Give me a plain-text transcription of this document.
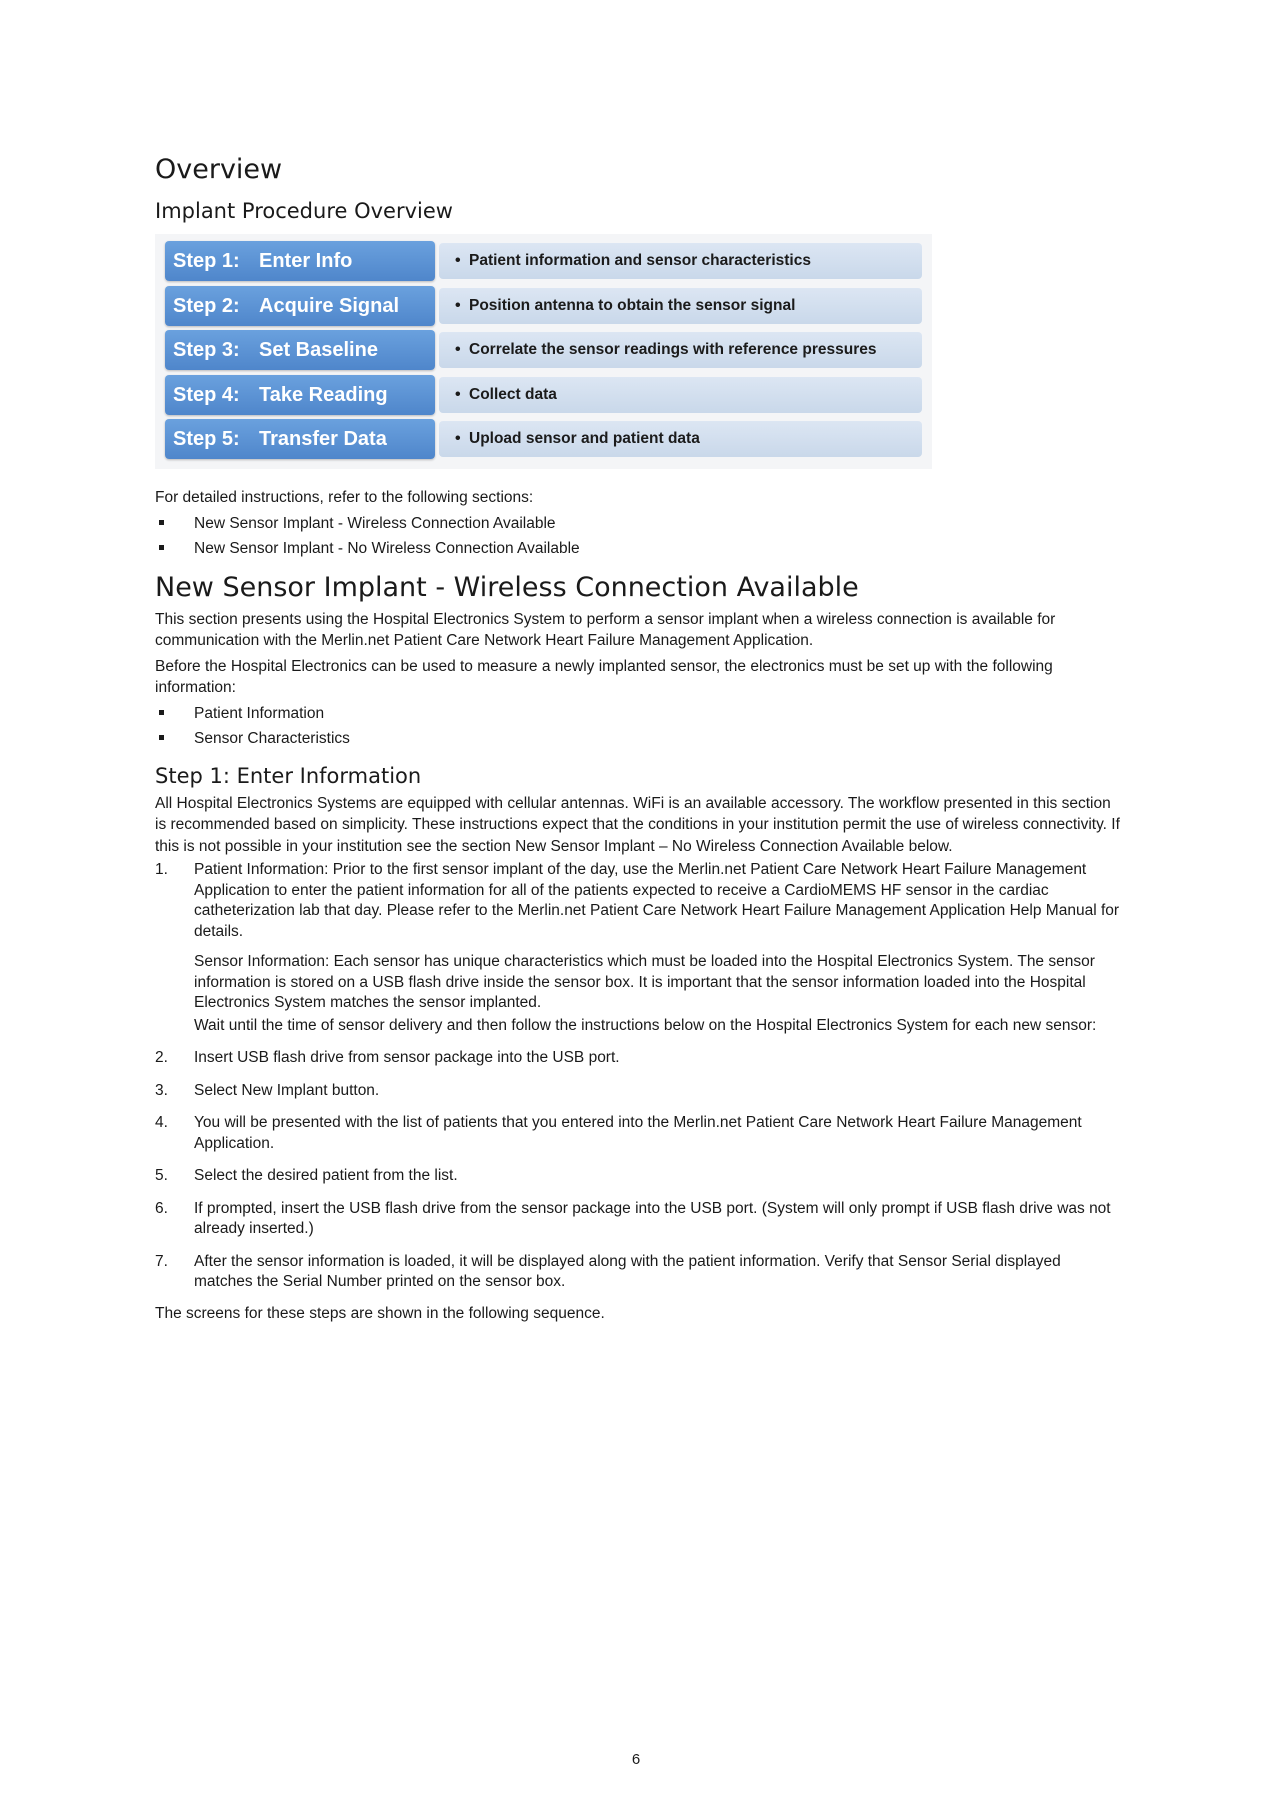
Overview
Implant Procedure Overview
Step 1: Enter Info	• Patient information and sensor characteristics
Step 2: Acquire Signal	• Position antenna to obtain the sensor signal
Step 3: Set Baseline	• Correlate the sensor readings with reference pressures
Step 4: Take Reading	• Collect data
Step 5: Transfer Data	• Upload sensor and patient data

For detailed instructions, refer to the following sections:

New Sensor Implant - Wireless Connection Available
New Sensor Implant - No Wireless Connection Available
New Sensor Implant - Wireless Connection Available

This section presents using the Hospital Electronics System to perform a sensor implant when a wireless connection is available for communication with the Merlin.net Patient Care Network Heart Failure Management Application.

Before the Hospital Electronics can be used to measure a newly implanted sensor, the electronics must be set up with the following information:

Patient Information
Sensor Characteristics
Step 1: Enter Information

All Hospital Electronics Systems are equipped with cellular antennas. WiFi is an available accessory. The workflow presented in this section is recommended based on simplicity. These instructions expect that the conditions in your institution permit the use of wireless connectivity. If this is not possible in your institution see the section New Sensor Implant – No Wireless Connection Available below.

1. Patient Information: Prior to the first sensor implant of the day, use the Merlin.net Patient Care Network Heart Failure Management Application to enter the patient information for all of the patients expected to receive a CardioMEMS HF sensor in the cardiac catheterization lab that day. Please refer to the Merlin.net Patient Care Network Heart Failure Management Application Help Manual for details.
Sensor Information: Each sensor has unique characteristics which must be loaded into the Hospital Electronics System. The sensor information is stored on a USB flash drive inside the sensor box. It is important that the sensor information loaded into the Hospital Electronics System matches the sensor implanted.
Wait until the time of sensor delivery and then follow the instructions below on the Hospital Electronics System for each new sensor:
2. Insert USB flash drive from sensor package into the USB port.
3. Select New Implant button.
4. You will be presented with the list of patients that you entered into the Merlin.net Patient Care Network Heart Failure Management Application.
5. Select the desired patient from the list.
6. If prompted, insert the USB flash drive from the sensor package into the USB port. (System will only prompt if USB flash drive was not already inserted.)
7. After the sensor information is loaded, it will be displayed along with the patient information. Verify that Sensor Serial displayed matches the Serial Number printed on the sensor box.

The screens for these steps are shown in the following sequence.

6
